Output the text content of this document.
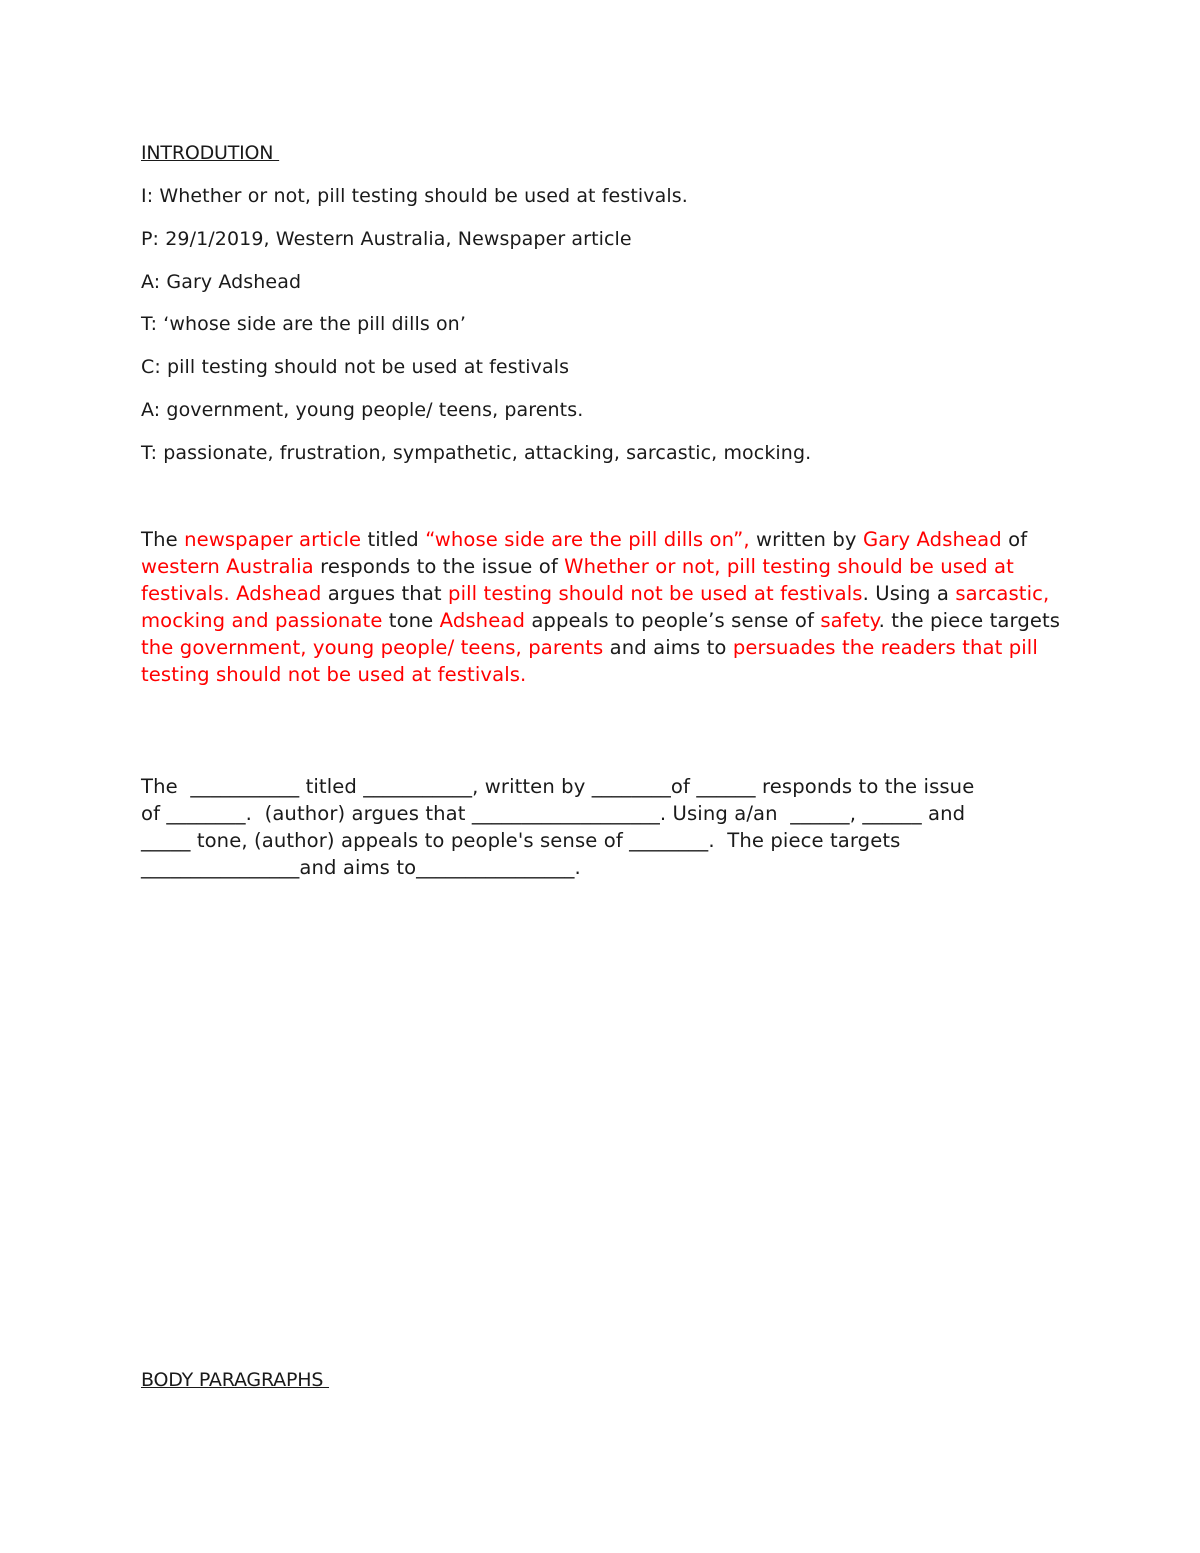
INTRODUTION

I: Whether or not, pill testing should be used at festivals.

P: 29/1/2019, Western Australia, Newspaper article

A: Gary Adshead

T: ‘whose side are the pill dills on’

C: pill testing should not be used at festivals

A: government, young people/ teens, parents.

T: passionate, frustration, sympathetic, attacking, sarcastic, mocking.

The newspaper article titled “whose side are the pill dills on”, written by Gary Adshead of western Australia responds to the issue of Whether or not, pill testing should be used at festivals. Adshead argues that pill testing should not be used at festivals. Using a sarcastic, mocking and passionate tone Adshead appeals to people’s sense of safety. the piece targets the government, young people/ teens, parents and aims to persuades the readers that pill testing should not be used at festivals.

The  ___________ titled ___________, written by ________of ______ responds to the issue
of ________.  (author) argues that ___________________. Using a/an  ______, ______ and
_____ tone, (author) appeals to people's sense of ________.  The piece targets
________________and aims to________________.
BODY PARAGRAPHS
